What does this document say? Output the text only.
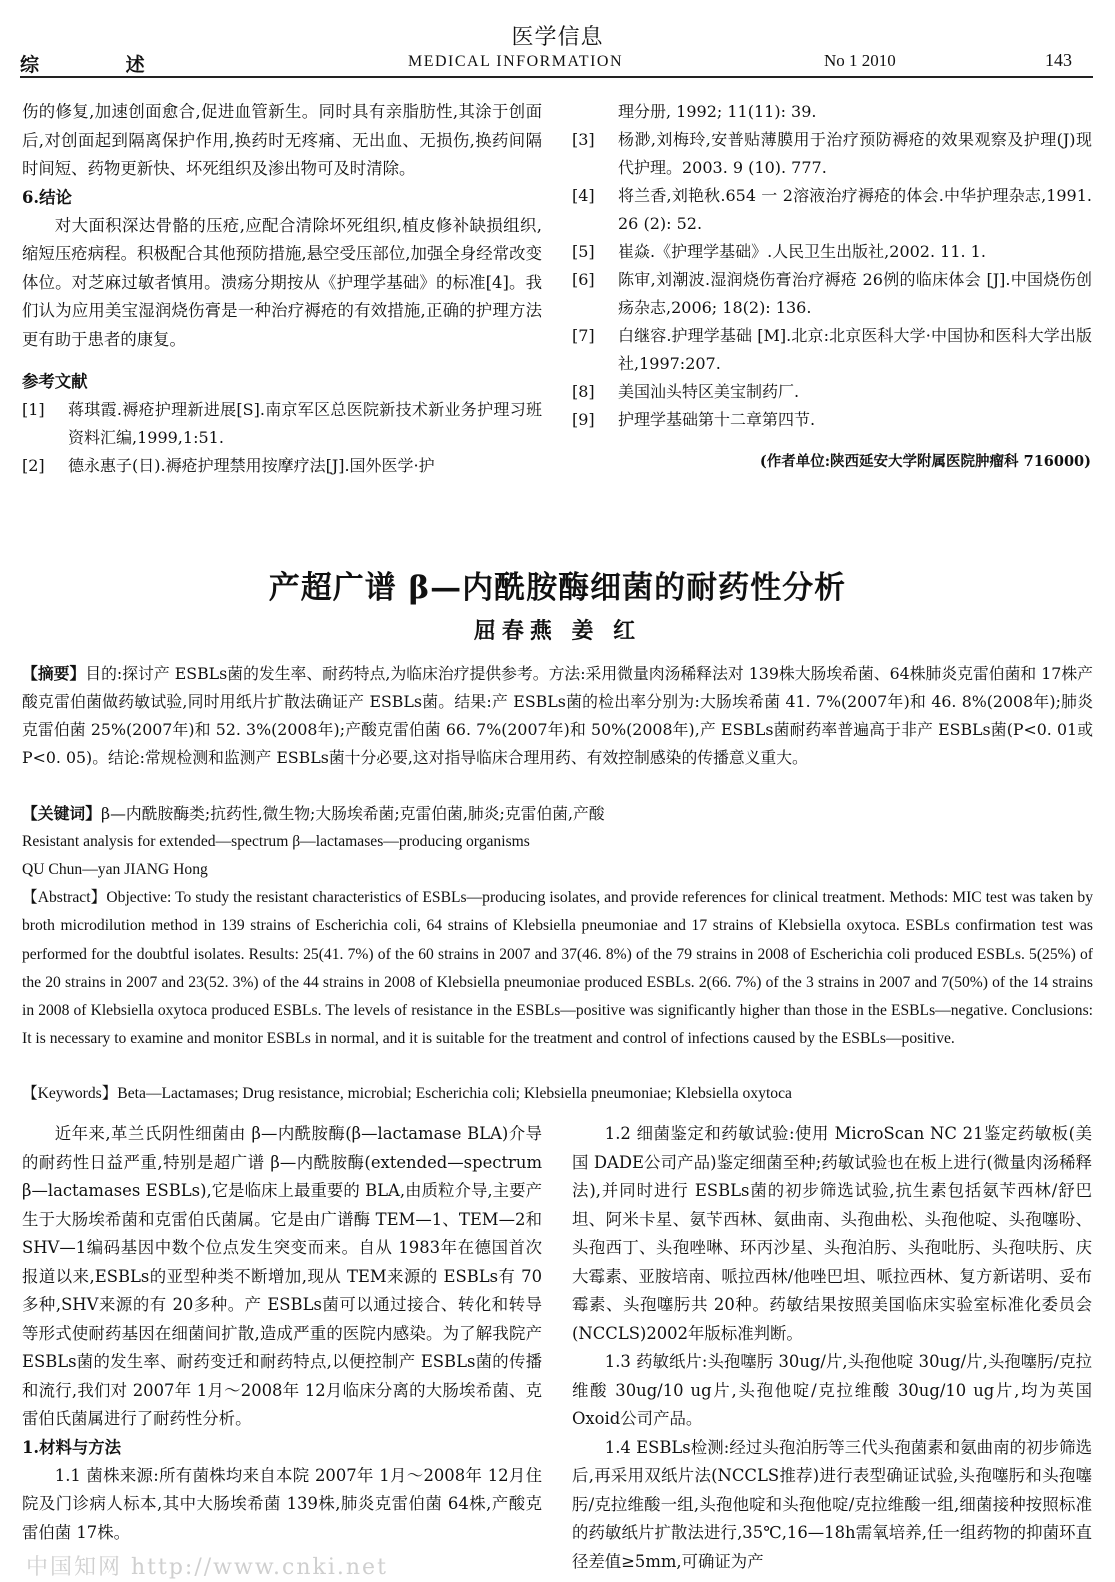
医学信息
综 述	MEDICAL INFORMATION	No 1 2010	143
伤的修复,加速创面愈合,促进血管新生。同时具有亲脂肪性,其涂于创面后,对创面起到隔离保护作用,换药时无疼痛、无出血、无损伤,换药间隔时间短、药物更新快、坏死组织及渗出物可及时清除。
6.结论
对大面积深达骨骼的压疮,应配合清除坏死组织,植皮修补缺损组织,缩短压疮病程。积极配合其他预防措施,悬空受压部位,加强全身经常改变体位。对芝麻过敏者慎用。溃疡分期按从《护理学基础》的标准[4]。我们认为应用美宝湿润烧伤膏是一种治疗褥疮的有效措施,正确的护理方法更有助于患者的康复。
参考文献
[1]	蒋琪霞.褥疮护理新进展[S].南京军区总医院新技术新业务护理习班资料汇编,1999,1:51.
[2]	德永惠子(日).褥疮护理禁用按摩疗法[J].国外医学·护
理分册, 1992; 11(11): 39.
[3]	杨渺,刘梅玲,安普贴薄膜用于治疗预防褥疮的效果观察及护理(J)现代护理。2003. 9 (10). 777.
[4]	将兰香,刘艳秋.654 一 2溶液治疗褥疮的体会.中华护理杂志,1991. 26 (2): 52.
[5]	崔焱.《护理学基础》.人民卫生出版社,2002. 11. 1.
[6]	陈审,刘潮波.湿润烧伤膏治疗褥疮 26例的临床体会 [J].中国烧伤创疡杂志,2006; 18(2): 136.
[7]	白继容.护理学基础 [M].北京:北京医科大学·中国协和医科大学出版社,1997:207.
[8]	美国汕头特区美宝制药厂.
[9]	护理学基础第十二章第四节.
(作者单位:陕西延安大学附属医院肿瘤科 716000)
产超广谱 β—内酰胺酶细菌的耐药性分析
屈春燕 姜 红
【摘要】目的:探讨产 ESBLs菌的发生率、耐药特点,为临床治疗提供参考。方法:采用微量肉汤稀释法对 139株大肠埃希菌、64株肺炎克雷伯菌和 17株产酸克雷伯菌做药敏试验,同时用纸片扩散法确证产 ESBLs菌。结果:产 ESBLs菌的检出率分别为:大肠埃希菌 41. 7%(2007年)和 46. 8%(2008年);肺炎克雷伯菌 25%(2007年)和 52. 3%(2008年);产酸克雷伯菌 66. 7%(2007年)和 50%(2008年),产 ESBLs菌耐药率普遍高于非产 ESBLs菌(P<0. 01或 P<0. 05)。结论:常规检测和监测产 ESBLs菌十分必要,这对指导临床合理用药、有效控制感染的传播意义重大。
【关键词】β—内酰胺酶类;抗药性,微生物;大肠埃希菌;克雷伯菌,肺炎;克雷伯菌,产酸
Resistant analysis for extended—spectrum β—lactamases—producing organisms
QU Chun—yan JIANG Hong
【Abstract】Objective: To study the resistant characteristics of ESBLs—producing isolates, and provide references for clinical treatment. Methods: MIC test was taken by broth microdilution method in 139 strains of Escherichia coli, 64 strains of Klebsiella pneumoniae and 17 strains of Klebsiella oxytoca. ESBLs confirmation test was performed for the doubtful isolates. Results: 25(41. 7%) of the 60 strains in 2007 and 37(46. 8%) of the 79 strains in 2008 of Escherichia coli produced ESBLs. 5(25%) of the 20 strains in 2007 and 23(52. 3%) of the 44 strains in 2008 of Klebsiella pneumoniae produced ESBLs. 2(66. 7%) of the 3 strains in 2007 and 7(50%) of the 14 strains in 2008 of Klebsiella oxytoca produced ESBLs. The levels of resistance in the ESBLs—positive was significantly higher than those in the ESBLs—negative. Conclusions: It is necessary to examine and monitor ESBLs in normal, and it is suitable for the treatment and control of infections caused by the ESBLs—positive.
【Keywords】Beta—Lactamases; Drug resistance, microbial; Escherichia coli; Klebsiella pneumoniae; Klebsiella oxytoca
近年来,革兰氏阴性细菌由 β—内酰胺酶(β—lactamase BLA)介导的耐药性日益严重,特别是超广谱 β—内酰胺酶(extended—spectrum β—lactamases ESBLs),它是临床上最重要的 BLA,由质粒介导,主要产生于大肠埃希菌和克雷伯氏菌属。它是由广谱酶 TEM—1、TEM—2和 SHV—1编码基因中数个位点发生突变而来。自从 1983年在德国首次报道以来,ESBLs的亚型种类不断增加,现从 TEM来源的 ESBLs有 70多种,SHV来源的有 20多种。产 ESBLs菌可以通过接合、转化和转导等形式使耐药基因在细菌间扩散,造成严重的医院内感染。为了解我院产 ESBLs菌的发生率、耐药变迁和耐药特点,以便控制产 ESBLs菌的传播和流行,我们对 2007年 1月～2008年 12月临床分离的大肠埃希菌、克雷伯氏菌属进行了耐药性分析。
1.材料与方法
1.1 菌株来源:所有菌株均来自本院 2007年 1月～2008年 12月住院及门诊病人标本,其中大肠埃希菌 139株,肺炎克雷伯菌 64株,产酸克雷伯菌 17株。
1.2 细菌鉴定和药敏试验:使用 MicroScan NC 21鉴定药敏板(美国 DADE公司产品)鉴定细菌至种;药敏试验也在板上进行(微量肉汤稀释法),并同时进行 ESBLs菌的初步筛选试验,抗生素包括氨苄西林/舒巴坦、阿米卡星、氨苄西林、氨曲南、头孢曲松、头孢他啶、头孢噻吩、头孢西丁、头孢唑啉、环丙沙星、头孢泊肟、头孢吡肟、头孢呋肟、庆大霉素、亚胺培南、哌拉西林/他唑巴坦、哌拉西林、复方新诺明、妥布霉素、头孢噻肟共 20种。药敏结果按照美国临床实验室标准化委员会(NCCLS)2002年版标准判断。
1.3 药敏纸片:头孢噻肟 30ug/片,头孢他啶 30ug/片,头孢噻肟/克拉维酸 30ug/10 ug片,头孢他啶/克拉维酸 30ug/10 ug片,均为英国 Oxoid公司产品。
1.4 ESBLs检测:经过头孢泊肟等三代头孢菌素和氨曲南的初步筛选后,再采用双纸片法(NCCLS推荐)进行表型确证试验,头孢噻肟和头孢噻肟/克拉维酸一组,头孢他啶和头孢他啶/克拉维酸一组,细菌接种按照标准的药敏纸片扩散法进行,35℃,16—18h需氧培养,任一组药物的抑菌环直径差值≥5mm,可确证为产
中国知网 http://www.cnki.net
